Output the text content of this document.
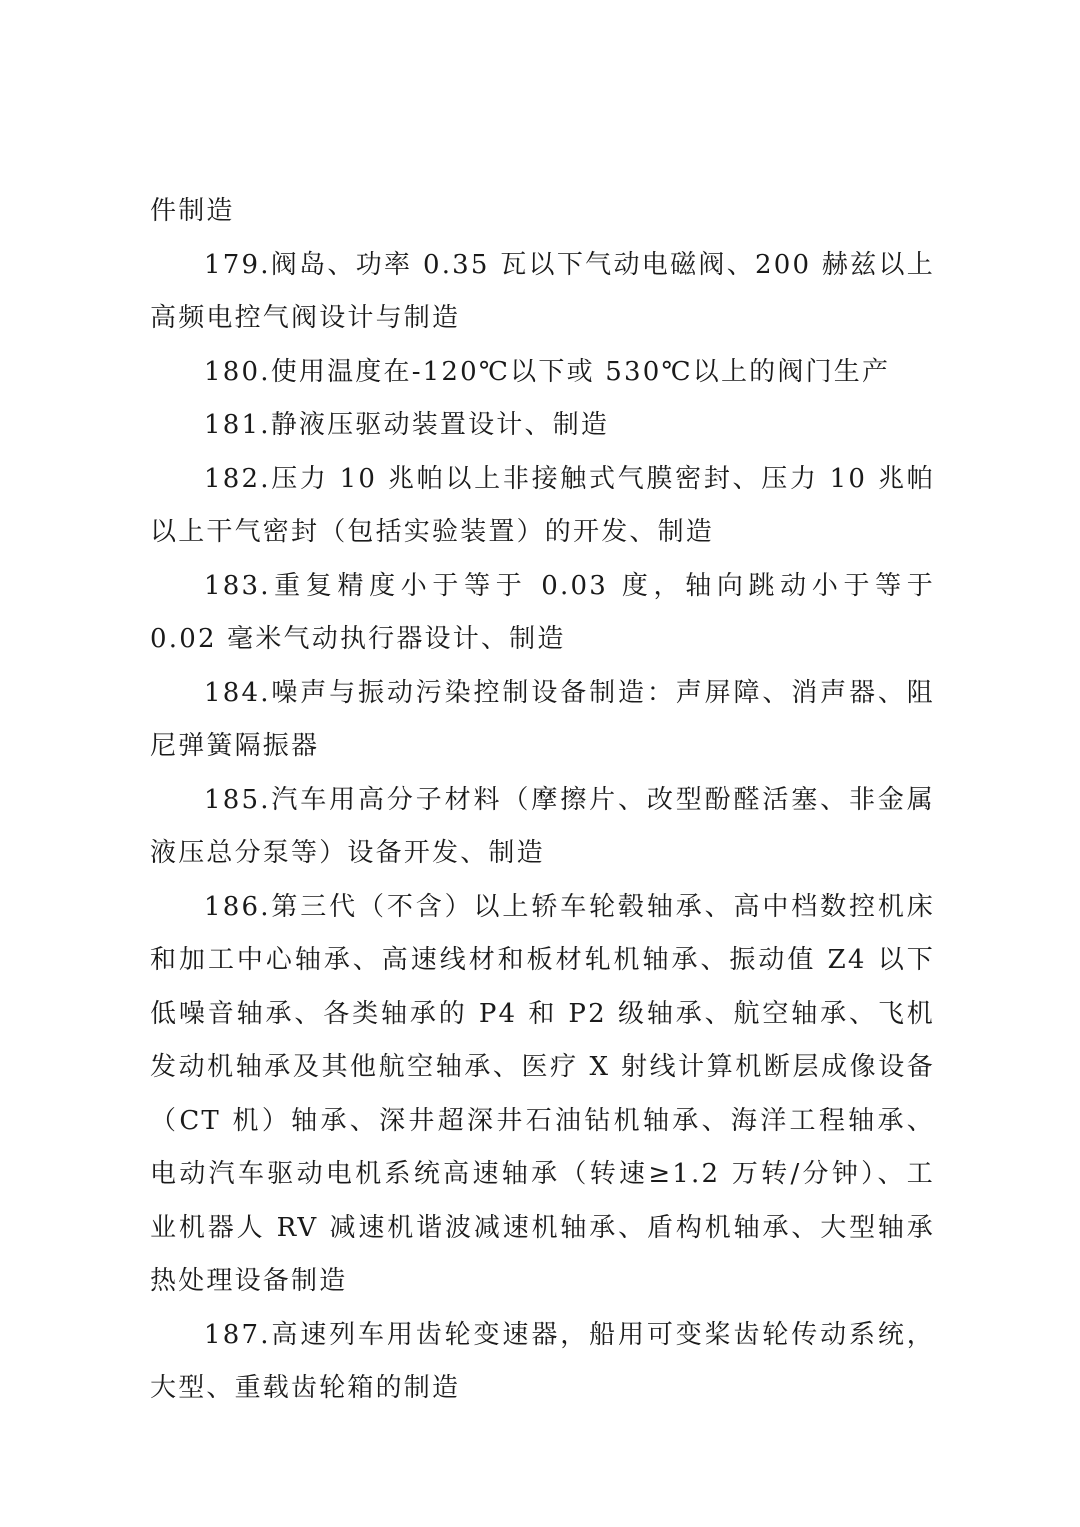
件制造

179.阀岛、功率 0.35 瓦以下气动电磁阀、200 赫兹以上高频电控气阀设计与制造

180.使用温度在-120℃以下或 530℃以上的阀门生产

181.静液压驱动装置设计、制造

182.压力 10 兆帕以上非接触式气膜密封、压力 10 兆帕以上干气密封（包括实验装置）的开发、制造

183.重复精度小于等于 0.03 度，轴向跳动小于等于 0.02 毫米气动执行器设计、制造

184.噪声与振动污染控制设备制造：声屏障、消声器、阻尼弹簧隔振器

185.汽车用高分子材料（摩擦片、改型酚醛活塞、非金属液压总分泵等）设备开发、制造

186.第三代（不含）以上轿车轮毂轴承、高中档数控机床和加工中心轴承、高速线材和板材轧机轴承、振动值 Z4 以下低噪音轴承、各类轴承的 P4 和 P2 级轴承、航空轴承、飞机发动机轴承及其他航空轴承、医疗 X 射线计算机断层成像设备（CT 机）轴承、深井超深井石油钻机轴承、海洋工程轴承、电动汽车驱动电机系统高速轴承（转速≥1.2 万转/分钟）、工业机器人 RV 减速机谐波减速机轴承、盾构机轴承、大型轴承热处理设备制造

187.高速列车用齿轮变速器，船用可变桨齿轮传动系统，大型、重载齿轮箱的制造
